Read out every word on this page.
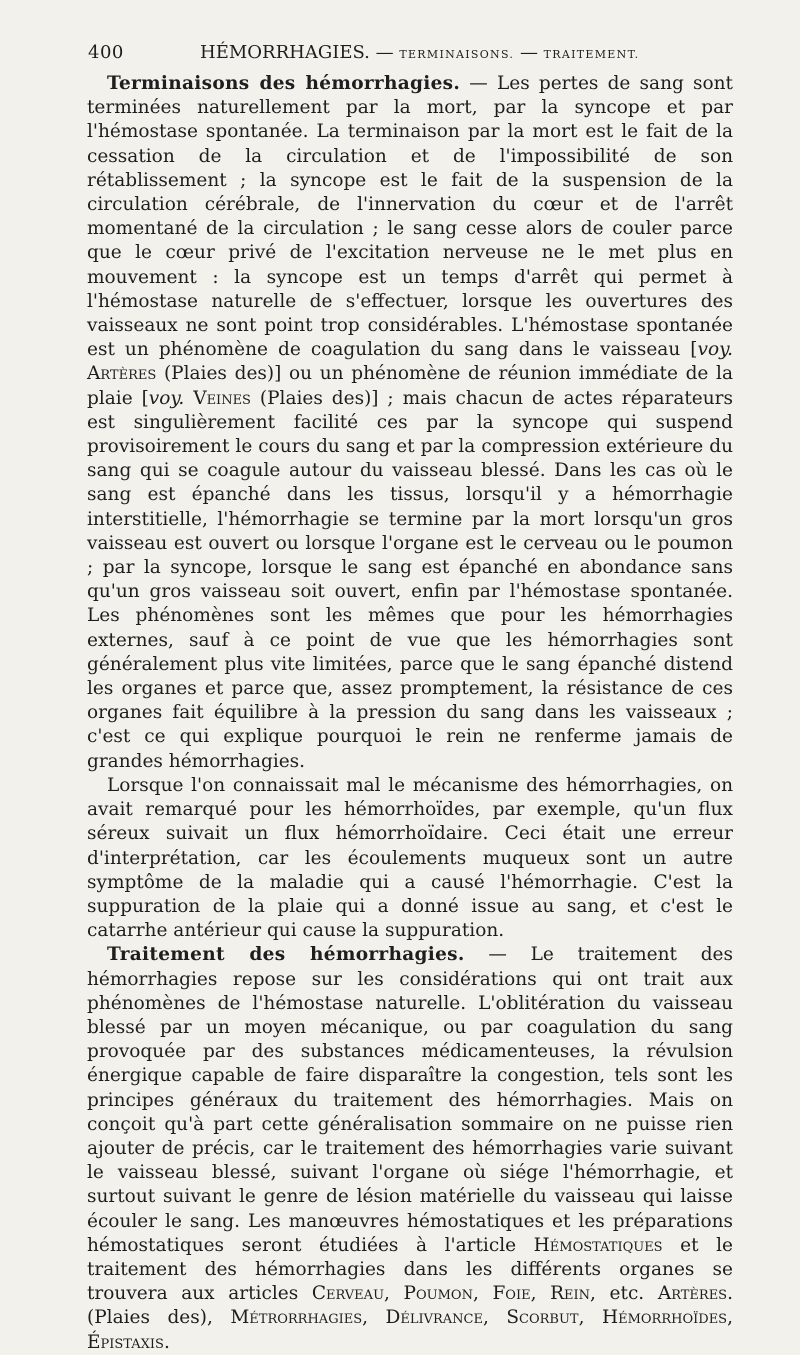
400	HÉMORRHAGIES. — TERMINAISONS. — TRAITEMENT.

Terminaisons des hémorrhagies. — Les pertes de sang sont terminées naturellement par la mort, par la syncope et par l'hémostase spontanée. La terminaison par la mort est le fait de la cessation de la circulation et de l'impossibilité de son rétablissement ; la syncope est le fait de la suspension de la circulation cérébrale, de l'innervation du cœur et de l'arrêt momentané de la circulation ; le sang cesse alors de couler parce que le cœur privé de l'excitation nerveuse ne le met plus en mouvement : la syncope est un temps d'arrêt qui permet à l'hémostase naturelle de s'effectuer, lorsque les ouvertures des vaisseaux ne sont point trop considérables. L'hémostase spontanée est un phénomène de coagulation du sang dans le vaisseau [voy. Artères (Plaies des)] ou un phénomène de réunion immédiate de la plaie [voy. Veines (Plaies des)] ; mais chacun de actes réparateurs est singulièrement facilité ces par la syncope qui suspend provisoirement le cours du sang et par la compression extérieure du sang qui se coagule autour du vaisseau blessé. Dans les cas où le sang est épanché dans les tissus, lorsqu'il y a hémorrhagie interstitielle, l'hémorrhagie se termine par la mort lorsqu'un gros vaisseau est ouvert ou lorsque l'organe est le cerveau ou le poumon ; par la syncope, lorsque le sang est épanché en abondance sans qu'un gros vaisseau soit ouvert, enfin par l'hémostase spontanée. Les phénomènes sont les mêmes que pour les hémorrhagies externes, sauf à ce point de vue que les hémorrhagies sont généralement plus vite limitées, parce que le sang épanché distend les organes et parce que, assez promptement, la résistance de ces organes fait équilibre à la pression du sang dans les vaisseaux ; c'est ce qui explique pourquoi le rein ne renferme jamais de grandes hémorrhagies.

Lorsque l'on connaissait mal le mécanisme des hémorrhagies, on avait remarqué pour les hémorrhoïdes, par exemple, qu'un flux séreux suivait un flux hémorrhoïdaire. Ceci était une erreur d'interprétation, car les écoulements muqueux sont un autre symptôme de la maladie qui a causé l'hémorrhagie. C'est la suppuration de la plaie qui a donné issue au sang, et c'est le catarrhe antérieur qui cause la suppuration.

Traitement des hémorrhagies. — Le traitement des hémorrhagies repose sur les considérations qui ont trait aux phénomènes de l'hémostase naturelle. L'oblitération du vaisseau blessé par un moyen mécanique, ou par coagulation du sang provoquée par des substances médicamenteuses, la révulsion énergique capable de faire disparaître la congestion, tels sont les principes généraux du traitement des hémorrhagies. Mais on conçoit qu'à part cette généralisation sommaire on ne puisse rien ajouter de précis, car le traitement des hémorrhagies varie suivant le vaisseau blessé, suivant l'organe où siége l'hémorrhagie, et surtout suivant le genre de lésion matérielle du vaisseau qui laisse écouler le sang. Les manœuvres hémostatiques et les préparations hémostatiques seront étudiées à l'article Hémostatiques et le traitement des hémorrhagies dans les différents organes se trouvera aux articles Cerveau, Poumon, Foie, Rein, etc. Artères. (Plaies des), Métrorrhagies, Délivrance, Scorbut, Hémorrhoïdes, Épistaxis.
